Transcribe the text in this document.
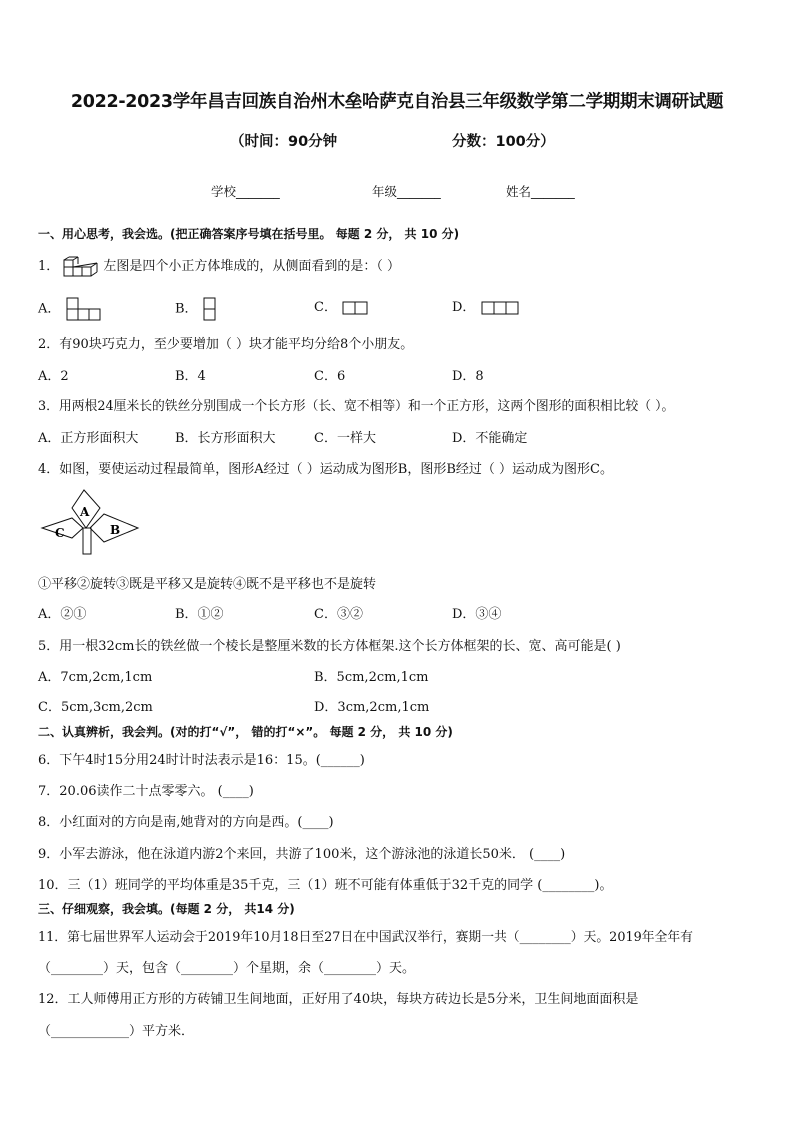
2022-2023学年昌吉回族自治州木垒哈萨克自治县三年级数学第二学期期末调研试题
（时间：90分钟	分数：100分）
学校_______	年级_______	姓名_______
一、用心思考，我会选。(把正确答案序号填在括号里。 每题 2 分， 共 10 分)
1．	左图是四个小正方体堆成的，从侧面看到的是：（ ）
A．	B．	C．	D．
2．有90块巧克力，至少要增加（ ）块才能平均分给8个小朋友。
A．2	B．4	C．6	D．8
3．用两根24厘米长的铁丝分别围成一个长方形（长、宽不相等）和一个正方形，这两个图形的面积相比较（ ）。
A．正方形面积大	B．长方形面积大	C．一样大	D．不能确定
4．如图，要使运动过程最简单，图形A经过（ ）运动成为图形B，图形B经过（ ）运动成为图形C。
A
B
C
①平移②旋转③既是平移又是旋转④既不是平移也不是旋转
A．②①	B．①②	C．③②	D．③④
5．用一根32cm长的铁丝做一个棱长是整厘米数的长方体框架.这个长方体框架的长、宽、高可能是( )
A．7cm,2cm,1cm	B．5cm,2cm,1cm
C．5cm,3cm,2cm	D．3cm,2cm,1cm
二、认真辨析，我会判。(对的打“√”， 错的打“×”。 每题 2 分， 共 10 分)
6．下午4时15分用24时计时法表示是16：15。(______)
7．20.06读作二十点零零六。 (____)
8．小红面对的方向是南,她背对的方向是西。(____)
9．小军去游泳，他在泳道内游2个来回，共游了100米，这个游泳池的泳道长50米． (____)
10．三（1）班同学的平均体重是35千克，三（1）班不可能有体重低于32千克的同学 (________)。
三、仔细观察，我会填。(每题 2 分， 共14 分)
11．第七届世界军人运动会于2019年10月18日至27日在中国武汉举行，赛期一共（________）天。2019年全年有
（________）天，包含（________）个星期，余（________）天。
12．工人师傅用正方形的方砖铺卫生间地面，正好用了40块，每块方砖边长是5分米，卫生间地面面积是
（____________）平方米．
